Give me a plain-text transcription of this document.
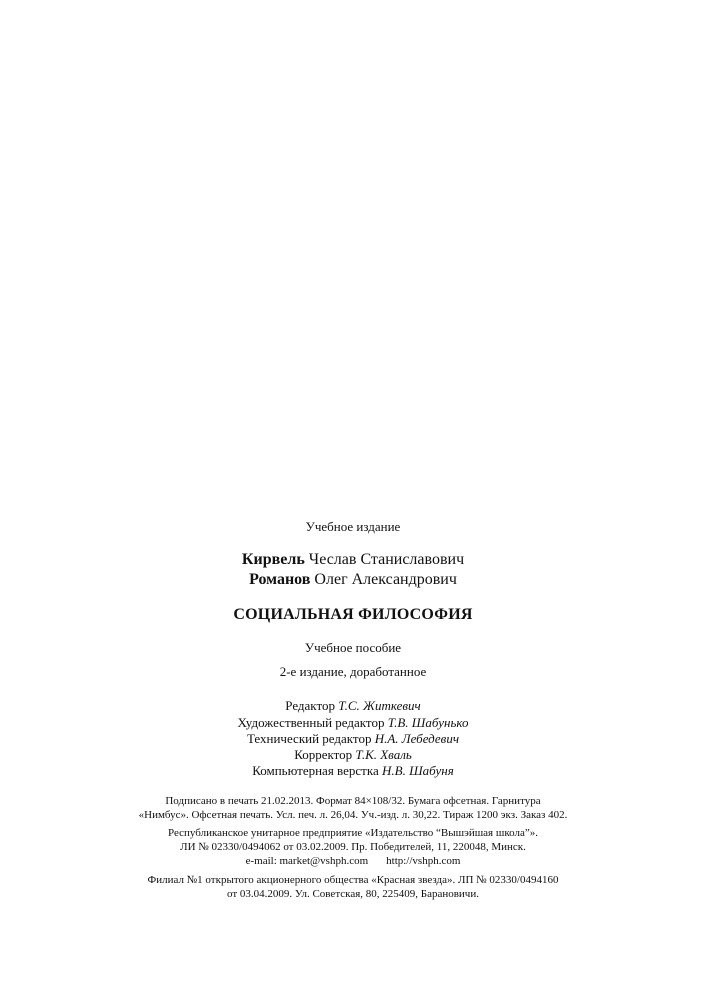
Учебное издание
Кирвель Чеслав Станиславович
Романов Олег Александрович
СОЦИАЛЬНАЯ ФИЛОСОФИЯ
Учебное пособие
2-е издание, доработанное
Редактор Т.С. Житкевич
Художественный редактор Т.В. Шабунько
Технический редактор Н.А. Лебедевич
Корректор Т.К. Хваль
Компьютерная верстка Н.В. Шабуня
Подписано в печать 21.02.2013. Формат 84×108/32. Бумага офсетная. Гарнитура
«Нимбус». Офсетная печать. Усл. печ. л. 26,04. Уч.-изд. л. 30,22. Тираж 1200 экз. Заказ 402.
Республиканское унитарное предприятие «Издательство “Вышэйшая школа”».
ЛИ № 02330/0494062 от 03.02.2009. Пр. Победителей, 11, 220048, Минск.
e-mail: market@vshph.com http://vshph.com
Филиал №1 открытого акционерного общества «Красная звезда». ЛП № 02330/0494160
от 03.04.2009. Ул. Советская, 80, 225409, Барановичи.
